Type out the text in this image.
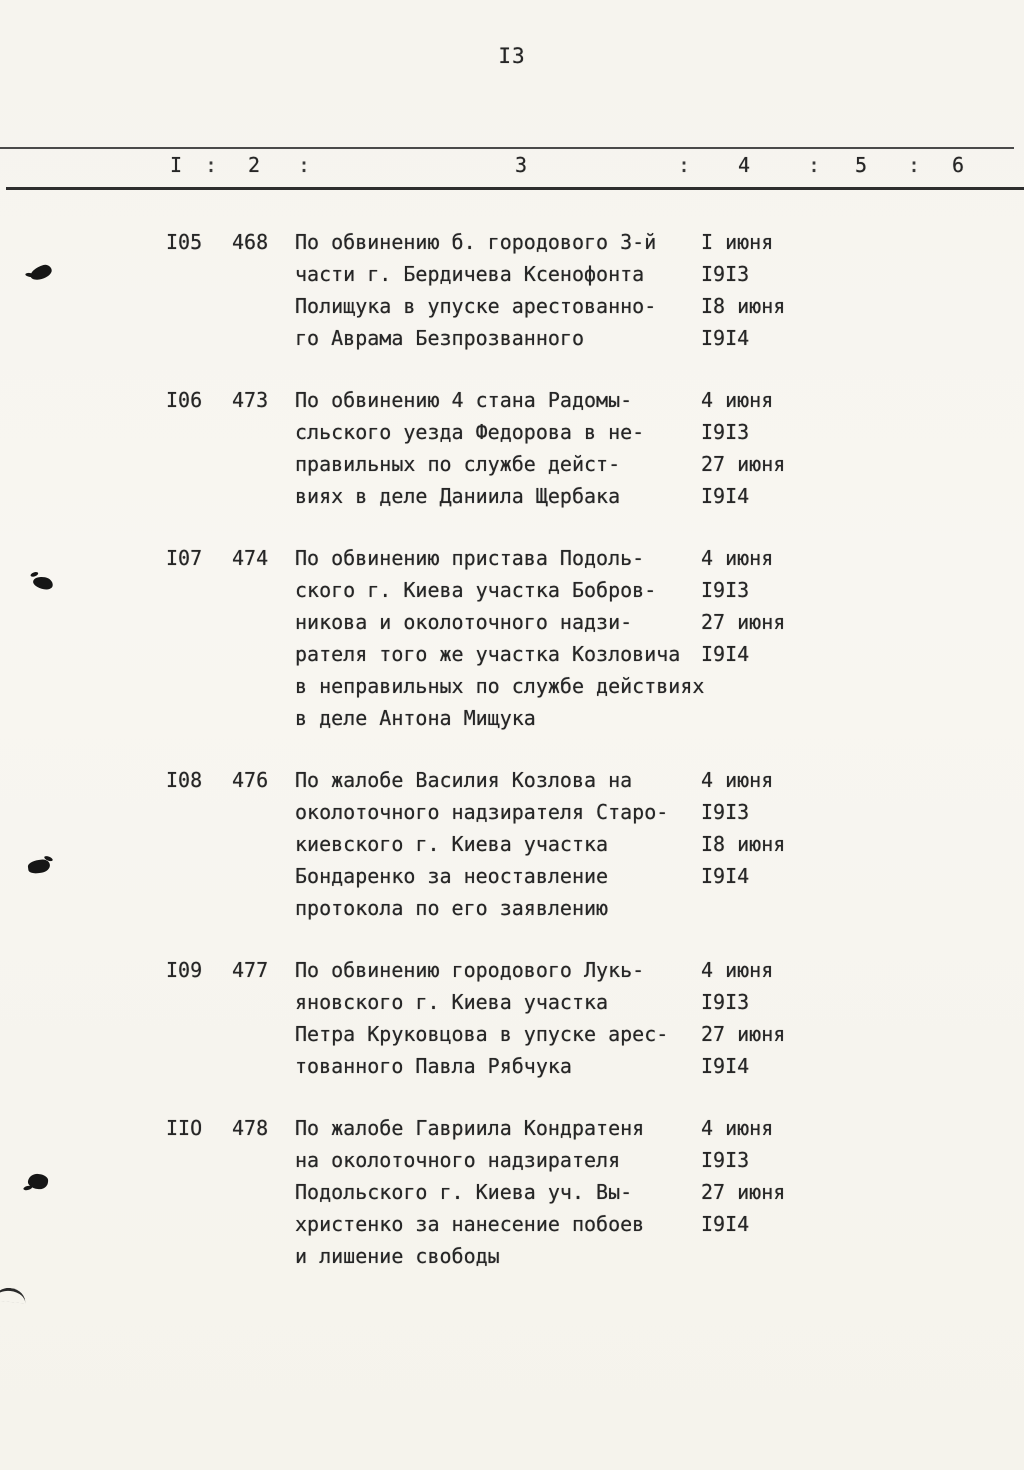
I3
I : 2 :	3	: 4	: 5 : 6
I05	468	По обвинению б. городового 3-й	I июня
части г. Бердичева Ксенофонта	I9I3
Полищука в упуске арестованно-	I8 июня
го Аврама Безпрозванного	I9I4
I06	473	По обвинению 4 стана Радомы-	4 июня
сльского уезда Федорова в не-	I9I3
правильных по службе дейст-	27 июня
виях в деле Даниила Щербака	I9I4
I07	474	По обвинению пристава Подоль-	4 июня
ского г. Киева участка Бобров-	I9I3
никова и околоточного надзи-	27 июня
рателя того же участка Козловича	I9I4
в неправильных по службе действиях
в деле Антона Мищука
I08	476	По жалобе Василия Козлова на	4 июня
околоточного надзирателя Старо-	I9I3
киевского г. Киева участка	I8 июня
Бондаренко за неоставление	I9I4
протокола по его заявлению
I09	477	По обвинению городового Лукь-	4 июня
яновского г. Киева участка	I9I3
Петра Круковцова в упуске арес-	27 июня
тованного Павла Рябчука	I9I4
IIO	478	По жалобе Гавриила Кондратеня	4 июня
на околоточного надзирателя	I9I3
Подольского г. Киева уч. Вы-	27 июня
христенко за нанесение побоев	I9I4
и лишение свободы
